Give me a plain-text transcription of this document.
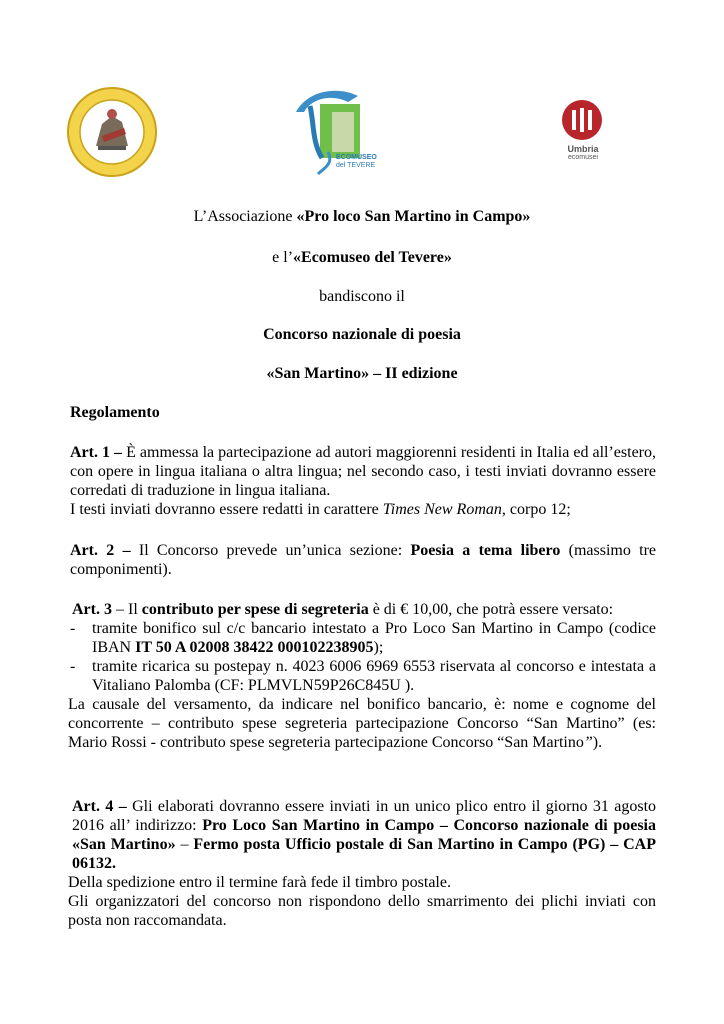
ECOMUSEO
del TEVERE
Umbria
ecomusei
L’Associazione «Pro loco San Martino in Campo»
e l’«Ecomuseo del Tevere»
bandiscono il
Concorso nazionale di poesia
«San Martino» – II edizione
Regolamento

Art. 1 – È ammessa la partecipazione ad autori maggiorenni residenti in Italia ed all’estero, con opere in lingua italiana o altra lingua; nel secondo caso, i testi inviati dovranno essere corredati di traduzione in lingua italiana.

I testi inviati dovranno essere redatti in carattere Times New Roman, corpo 12;

Art. 2 – Il Concorso prevede un’unica sezione: Poesia a tema libero (massimo tre componimenti).

Art. 3 – Il contributo per spese di segreteria è di € 10,00, che potrà essere versato:

- tramite bonifico sul c/c bancario intestato a Pro Loco San Martino in Campo (codice IBAN IT 50 A 02008 38422 000102238905);
- tramite ricarica su postepay n. 4023 6006 6969 6553 riservata al concorso e intestata a Vitaliano Palomba (CF: PLMVLN59P26C845U ).

La causale del versamento, da indicare nel bonifico bancario, è: nome e cognome del concorrente – contributo spese segreteria partecipazione Concorso “San Martino” (es: Mario Rossi - contributo spese segreteria partecipazione Concorso “San Martino”).

Art. 4 – Gli elaborati dovranno essere inviati in un unico plico entro il giorno 31 agosto 2016 all’ indirizzo: Pro Loco San Martino in Campo – Concorso nazionale di poesia «San Martino» – Fermo posta Ufficio postale di San Martino in Campo (PG) – CAP 06132.

Della spedizione entro il termine farà fede il timbro postale.

Gli organizzatori del concorso non rispondono dello smarrimento dei plichi inviati con posta non raccomandata.
